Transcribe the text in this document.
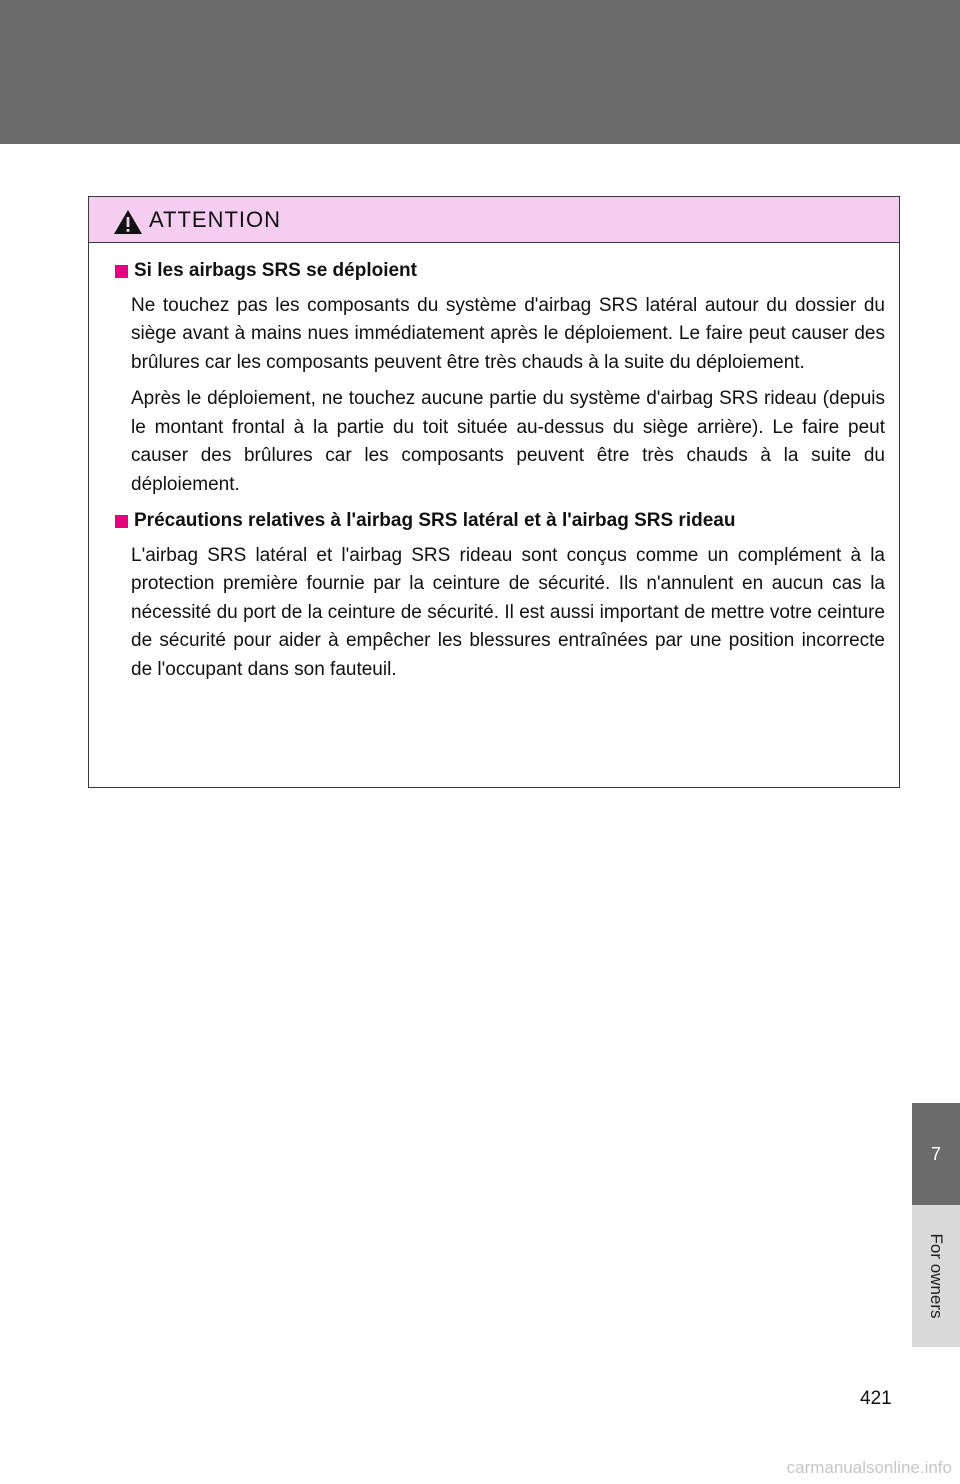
ATTENTION
Si les airbags SRS se déploient

Ne touchez pas les composants du système d'airbag SRS latéral autour du dossier du siège avant à mains nues immédiatement après le déploiement. Le faire peut causer des brûlures car les composants peuvent être très chauds à la suite du déploiement.

Après le déploiement, ne touchez aucune partie du système d'airbag SRS rideau (depuis le montant frontal à la partie du toit située au-dessus du siège arrière). Le faire peut causer des brûlures car les composants peuvent être très chauds à la suite du déploiement.

Précautions relatives à l'airbag SRS latéral et à l'airbag SRS rideau

L'airbag SRS latéral et l'airbag SRS rideau sont conçus comme un complément à la protection première fournie par la ceinture de sécurité. Ils n'annulent en aucun cas la nécessité du port de la ceinture de sécurité. Il est aussi important de mettre votre ceinture de sécurité pour aider à empêcher les blessures entraînées par une position incorrecte de l'occupant dans son fauteuil.

7
For owners
421
carmanualsonline.info
